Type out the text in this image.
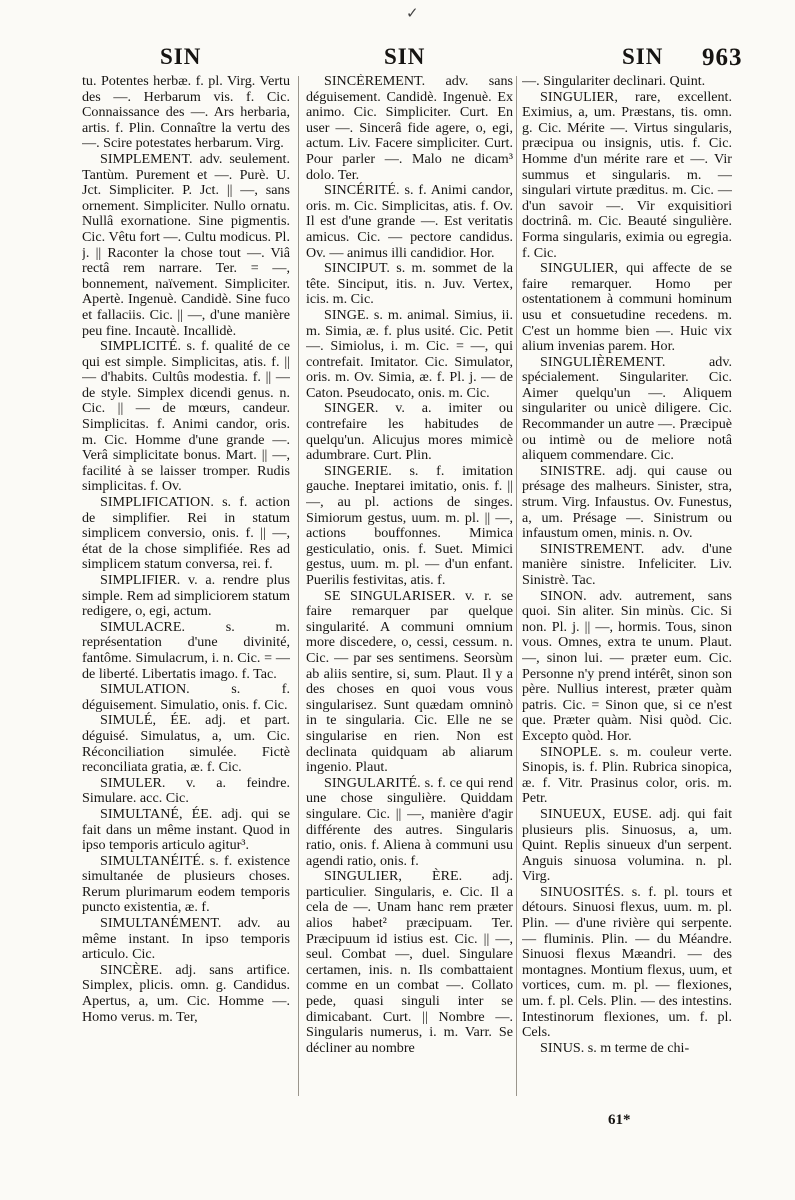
✓
SIN	SIN	SIN 963

tu. Potentes herbæ. f. pl. Virg. Vertu des —. Herbarum vis. f. Cic. Connaissance des —. Ars herbaria, artis. f. Plin. Connaître la vertu des —. Scire potestates herbarum. Virg.

SIMPLEMENT. adv. seulement. Tantùm. Purement et —. Purè. U. Jct. Simpliciter. P. Jct. || —, sans ornement. Simpliciter. Nullo ornatu. Nullâ exornatione. Sine pigmentis. Cic. Vêtu fort —. Cultu modicus. Pl. j. || Raconter la chose tout —. Viâ rectâ rem narrare. Ter. = —, bonnement, naïvement. Simpliciter. Apertè. Ingenuè. Candidè. Sine fuco et fallaciis. Cic. || —, d'une manière peu fine. Incautè. Incallidè.

SIMPLICITÉ. s. f. qualité de ce qui est simple. Simplicitas, atis. f. || — d'habits. Cultûs modestia. f. || — de style. Simplex dicendi genus. n. Cic. || — de mœurs, candeur. Simplicitas. f. Animi candor, oris. m. Cic. Homme d'une grande —. Verâ simplicitate bonus. Mart. || —, facilité à se laisser tromper. Rudis simplicitas. f. Ov.

SIMPLIFICATION. s. f. action de simplifier. Rei in statum simplicem conversio, onis. f. || —, état de la chose simplifiée. Res ad simplicem statum conversa, rei. f.

SIMPLIFIER. v. a. rendre plus simple. Rem ad simpliciorem statum redigere, o, egi, actum.

SIMULACRE. s. m. représentation d'une divinité, fantôme. Simulacrum, i. n. Cic. = — de liberté. Libertatis imago. f. Tac.

SIMULATION. s. f. déguisement. Simulatio, onis. f. Cic.

SIMULÉ, ÉE. adj. et part. déguisé. Simulatus, a, um. Cic. Réconciliation simulée. Fictè reconciliata gratia, æ. f. Cic.

SIMULER. v. a. feindre. Simulare. acc. Cic.

SIMULTANÉ, ÉE. adj. qui se fait dans un même instant. Quod in ipso temporis articulo agitur³.

SIMULTANÉITÉ. s. f. existence simultanée de plusieurs choses. Rerum plurimarum eodem temporis puncto existentia, æ. f.

SIMULTANÉMENT. adv. au même instant. In ipso temporis articulo. Cic.

SINCÈRE. adj. sans artifice. Simplex, plicis. omn. g. Candidus. Apertus, a, um. Cic. Homme —. Homo verus. m. Ter,

SINCÈREMENT. adv. sans déguisement. Candidè. Ingenuè. Ex animo. Cic. Simpliciter. Curt. En user —. Sincerâ fide agere, o, egi, actum. Liv. Facere simpliciter. Curt. Pour parler —. Malo ne dicam³ dolo. Ter.

SINCÉRITÉ. s. f. Animi candor, oris. m. Cic. Simplicitas, atis. f. Ov. Il est d'une grande —. Est veritatis amicus. Cic. — pectore candidus. Ov. — animus illi candidior. Hor.

SINCIPUT. s. m. sommet de la tête. Sinciput, itis. n. Juv. Vertex, icis. m. Cic.

SINGE. s. m. animal. Simius, ii. m. Simia, æ. f. plus usité. Cic. Petit —. Simiolus, i. m. Cic. = —, qui contrefait. Imitator. Cic. Simulator, oris. m. Ov. Simia, æ. f. Pl. j. — de Caton. Pseudocato, onis. m. Cic.

SINGER. v. a. imiter ou contrefaire les habitudes de quelqu'un. Alicujus mores mimicè adumbrare. Curt. Plin.

SINGERIE. s. f. imitation gauche. Ineptarei imitatio, onis. f. || —, au pl. actions de singes. Simiorum gestus, uum. m. pl. || —, actions bouffonnes. Mimica gesticulatio, onis. f. Suet. Mimici gestus, uum. m. pl. — d'un enfant. Puerilis festivitas, atis. f.

SE SINGULARISER. v. r. se faire remarquer par quelque singularité. A communi omnium more discedere, o, cessi, cessum. n. Cic. — par ses sentimens. Seorsùm ab aliis sentire, si, sum. Plaut. Il y a des choses en quoi vous vous singularisez. Sunt quædam omninò in te singularia. Cic. Elle ne se singularise en rien. Non est declinata quidquam ab aliarum ingenio. Plaut.

SINGULARITÉ. s. f. ce qui rend une chose singulière. Quiddam singulare. Cic. || —, manière d'agir différente des autres. Singularis ratio, onis. f. Aliena à communi usu agendi ratio, onis. f.

SINGULIER, ÈRE. adj. particulier. Singularis, e. Cic. Il a cela de —. Unam hanc rem præter alios habet² præcipuam. Ter. Præcipuum id istius est. Cic. || —, seul. Combat —, duel. Singulare certamen, inis. n. Ils combattaient comme en un combat —. Collato pede, quasi singuli inter se dimicabant. Curt. || Nombre —. Singularis numerus, i. m. Varr. Se décliner au nombre

—. Singulariter declinari. Quint.

SINGULIER, rare, excellent. Eximius, a, um. Præstans, tis. omn. g. Cic. Mérite —. Virtus singularis, præcipua ou insignis, utis. f. Cic. Homme d'un mérite rare et —. Vir summus et singularis. m. — singulari virtute præditus. m. Cic. — d'un savoir —. Vir exquisitiori doctrinâ. m. Cic. Beauté singulière. Forma singularis, eximia ou egregia. f. Cic.

SINGULIER, qui affecte de se faire remarquer. Homo per ostentationem à communi hominum usu et consuetudine recedens. m. C'est un homme bien —. Huic vix alium invenias parem. Hor.

SINGULIÈREMENT. adv. spécialement. Singulariter. Cic. Aimer quelqu'un —. Aliquem singulariter ou unicè diligere. Cic. Recommander un autre —. Præcipuè ou intimè ou de meliore notâ aliquem commendare. Cic.

SINISTRE. adj. qui cause ou présage des malheurs. Sinister, stra, strum. Virg. Infaustus. Ov. Funestus, a, um. Présage —. Sinistrum ou infaustum omen, minis. n. Ov.

SINISTREMENT. adv. d'une manière sinistre. Infeliciter. Liv. Sinistrè. Tac.

SINON. adv. autrement, sans quoi. Sin aliter. Sin minùs. Cic. Si non. Pl. j. || —, hormis. Tous, sinon vous. Omnes, extra te unum. Plaut. —, sinon lui. — præter eum. Cic. Personne n'y prend intérêt, sinon son père. Nullius interest, præter quàm patris. Cic. = Sinon que, si ce n'est que. Præter quàm. Nisi quòd. Cic. Excepto quòd. Hor.

SINOPLE. s. m. couleur verte. Sinopis, is. f. Plin. Rubrica sinopica, æ. f. Vitr. Prasinus color, oris. m. Petr.

SINUEUX, EUSE. adj. qui fait plusieurs plis. Sinuosus, a, um. Quint. Replis sinueux d'un serpent. Anguis sinuosa volumina. n. pl. Virg.

SINUOSITÉS. s. f. pl. tours et détours. Sinuosi flexus, uum. m. pl. Plin. — d'une rivière qui serpente. — fluminis. Plin. — du Méandre. Sinuosi flexus Mæandri. — des montagnes. Montium flexus, uum, et vortices, cum. m. pl. — flexiones, um. f. pl. Cels. Plin. — des intestins. Intestinorum flexiones, um. f. pl. Cels.

SINUS. s. m terme de chi-

61*
